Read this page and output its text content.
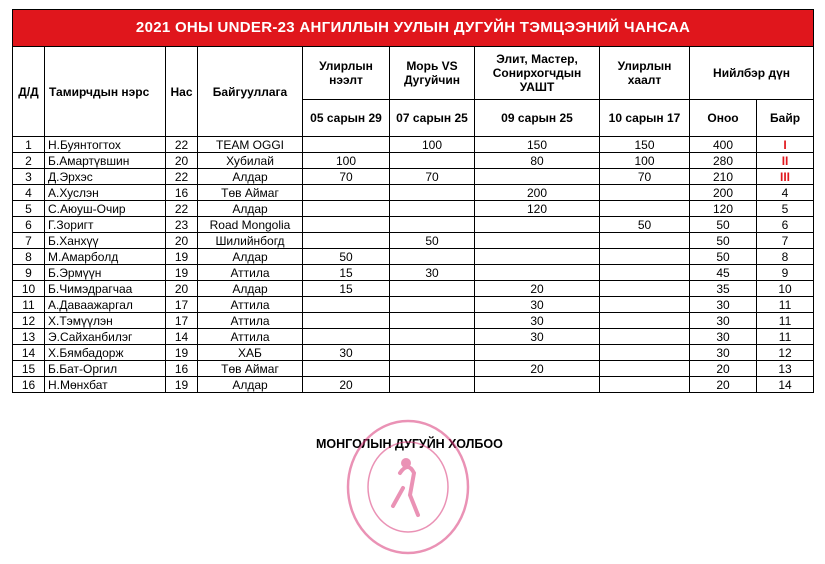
2021 ОНЫ UNDER-23 АНГИЛЛЫН УУЛЫН ДУГУЙН ТЭМЦЭЭНИЙ ЧАНСАА									
Д/Д	Тамирчдын нэрс	Нас	Байгууллага	Улирлын нээлт	Морь VS Дугуйчин	Элит, Мастер, Сонирхогчдын УАШТ	Улирлын хаалт	Нийлбэр дүн	
				05 сарын 29	07 сарын 25	09 сарын 25	10 сарын 17	Оноо	Байр
1	Н.Буянтогтох	22	TEAM OGGI		100	150	150	400	I
2	Б.Амартүвшин	20	Хубилай	100		80	100	280	II
3	Д.Эрхэс	22	Алдар	70	70		70	210	III
4	А.Хуслэн	16	Төв Аймаг			200		200	4
5	С.Аюуш-Очир	22	Алдар			120		120	5
6	Г.Зоригт	23	Road Mongolia				50	50	6
7	Б.Ханхүү	20	Шилийнбогд		50			50	7
8	М.Амарболд	19	Алдар	50				50	8
9	Б.Эрмүүн	19	Аттила	15	30			45	9
10	Б.Чимэдрагчаа	20	Алдар	15		20		35	10
11	А.Даваажаргал	17	Аттила			30		30	11
12	Х.Тэмүүлэн	17	Аттила			30		30	11
13	Э.Сайханбилэг	14	Аттила			30		30	11
14	Х.Бямбадорж	19	ХАБ	30				30	12
15	Б.Бат-Оргил	16	Төв Аймаг			20		20	13
16	Н.Мөнхбат	19	Алдар	20				20	14
МОНГОЛЫН ДУГУЙН ХОЛБОО
